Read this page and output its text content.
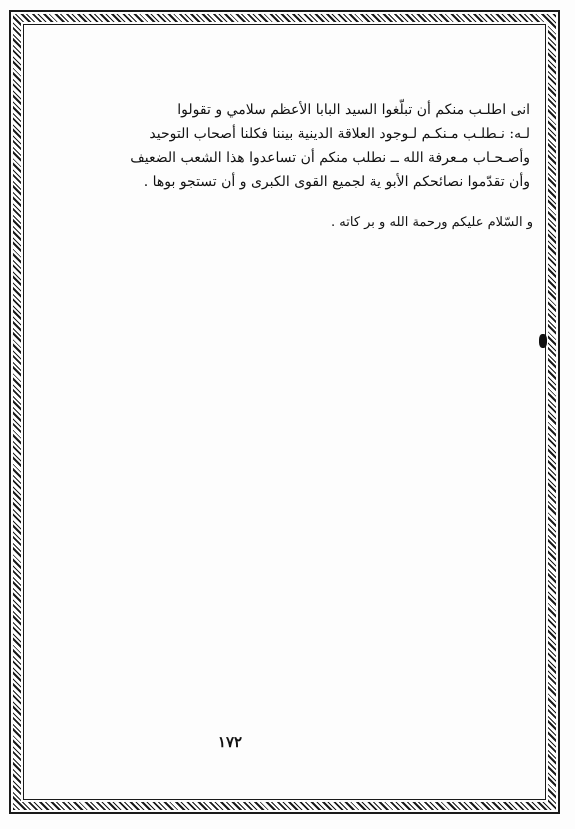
انى اطلـب منكم أن تبلّغوا السيد البابا الأعظم سلامي و تقولوا
لـه: نـطلـب مـنكـم لـوجود العلاقة الدينية بيننا فكلنا أصحاب التوحيد
وأصـحـاب مـعرفة الله ــ نطلب منكم أن تساعدوا هذا الشعب الضعيف
وأن تقدّموا نصائحكم الأبو ية لجميع القوى الكبرى و أن تستجو بوها .
و السّلام عليكم ورحمة الله و بر كاته .
١٧٢
